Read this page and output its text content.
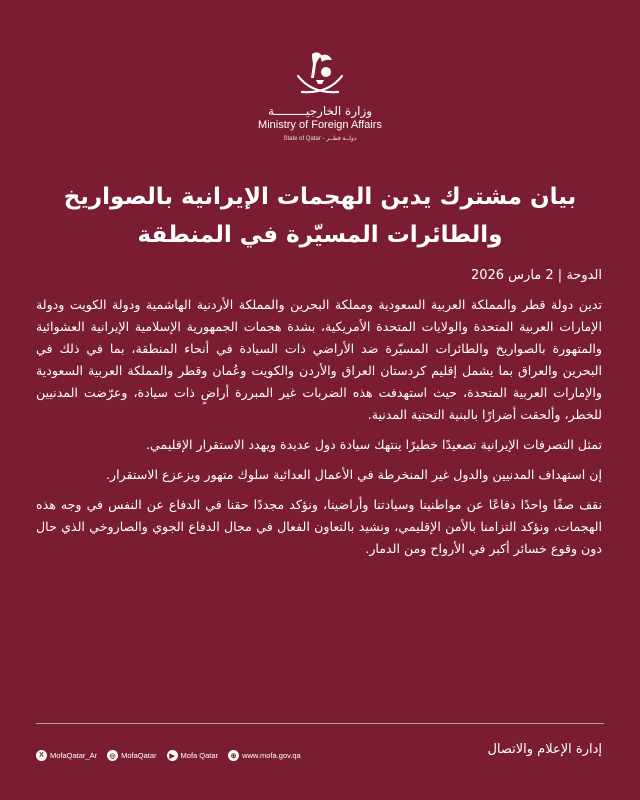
وزارة الخارجيـــــــــة
Ministry of Foreign Affairs
State of Qatar - دولــة قطــر
بيان مشترك يدين الهجمات الإيرانية بالصواريخ والطائرات المسيّرة في المنطقة
الدوحة | 2 مارس 2026

تدين دولة قطر والمملكة العربية السعودية ومملكة البحرين والمملكة الأردنية الهاشمية ودولة الكويت ودولة الإمارات العربية المتحدة والولايات المتحدة الأمريكية، بشدة هجمات الجمهورية الإسلامية الإيرانية العشوائية والمتهورة بالصواريخ والطائرات المسيّرة ضد الأراضي ذات السيادة في أنحاء المنطقة، بما في ذلك في البحرين والعراق بما يشمل إقليم كردستان العراق والأردن والكويت وعُمان وقطر والمملكة العربية السعودية والإمارات العربية المتحدة، حيث استهدفت هذه الضربات غير المبررة أراضٍ ذات سيادة، وعرّضت المدنيين للخطر، وألحقت أضرارًا بالبنية التحتية المدنية.

تمثل التصرفات الإيرانية تصعيدًا خطيرًا ينتهك سيادة دول عديدة ويهدد الاستقرار الإقليمي.

إن استهداف المدنيين والدول غير المنخرطة في الأعمال العدائية سلوك متهور ويزعزع الاستقرار.

نقف صفًا واحدًا دفاعًا عن مواطنينا وسيادتنا وأراضينا، ونؤكد مجددًا حقنا في الدفاع عن النفس في وجه هذه الهجمات، ونؤكد التزامنا بالأمن الإقليمي، ونشيد بالتعاون الفعال في مجال الدفاع الجوي والصاروخي الذي حال دون وقوع خسائر أكبر في الأرواح ومن الدمار.

إدارة الإعلام والاتصال
X MofaQatar_Ar	◎ MofaQatar	▶ Mofa Qatar	⊕ www.mofa.gov.qa
